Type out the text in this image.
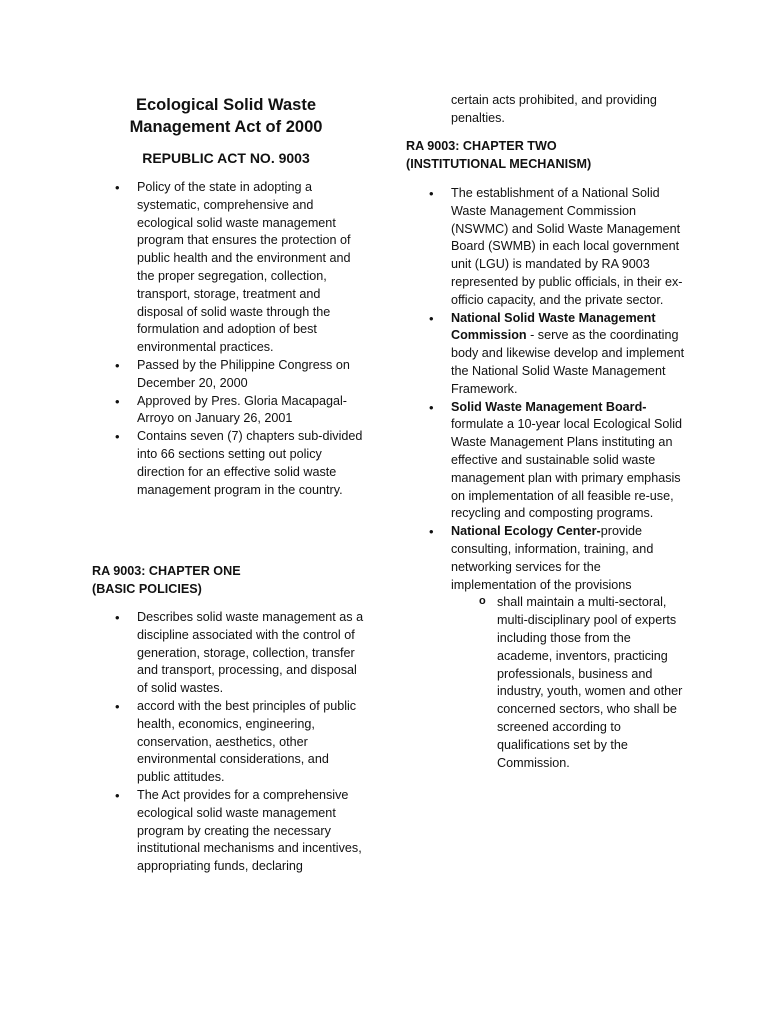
Ecological Solid Waste
Management Act of 2000
REPUBLIC ACT NO. 9003
• Policy of the state in adopting a systematic, comprehensive and ecological solid waste management program that ensures the protection of public health and the environment and the proper segregation, collection, transport, storage, treatment and disposal of solid waste through the formulation and adoption of best environmental practices.
• Passed by the Philippine Congress on December 20, 2000
• Approved by Pres. Gloria Macapagal-Arroyo on January 26, 2001
• Contains seven (7) chapters sub-divided into 66 sections setting out policy direction for an effective solid waste management program in the country.
RA 9003: CHAPTER ONE
(BASIC POLICIES)
• Describes solid waste management as a discipline associated with the control of generation, storage, collection, transfer and transport, processing, and disposal of solid wastes.
• accord with the best principles of public health, economics, engineering, conservation, aesthetics, other environmental considerations, and public attitudes.
• The Act provides for a comprehensive ecological solid waste management program by creating the necessary institutional mechanisms and incentives, appropriating funds, declaring
certain acts prohibited, and providing penalties.
RA 9003: CHAPTER TWO
(INSTITUTIONAL MECHANISM)
• The establishment of a National Solid Waste Management Commission (NSWMC) and Solid Waste Management Board (SWMB) in each local government unit (LGU) is mandated by RA 9003 represented by public officials, in their ex-officio capacity, and the private sector.
• National Solid Waste Management Commission - serve as the coordinating body and likewise develop and implement the National Solid Waste Management Framework.
• Solid Waste Management Board- formulate a 10-year local Ecological Solid Waste Management Plans instituting an effective and sustainable solid waste management plan with primary emphasis on implementation of all feasible re-use, recycling and composting programs.
• National Ecology Center-provide consulting, information, training, and networking services for the implementation of the provisions
o shall maintain a multi-sectoral, multi-disciplinary pool of experts including those from the academe, inventors, practicing professionals, business and industry, youth, women and other concerned sectors, who shall be screened according to qualifications set by the Commission.
